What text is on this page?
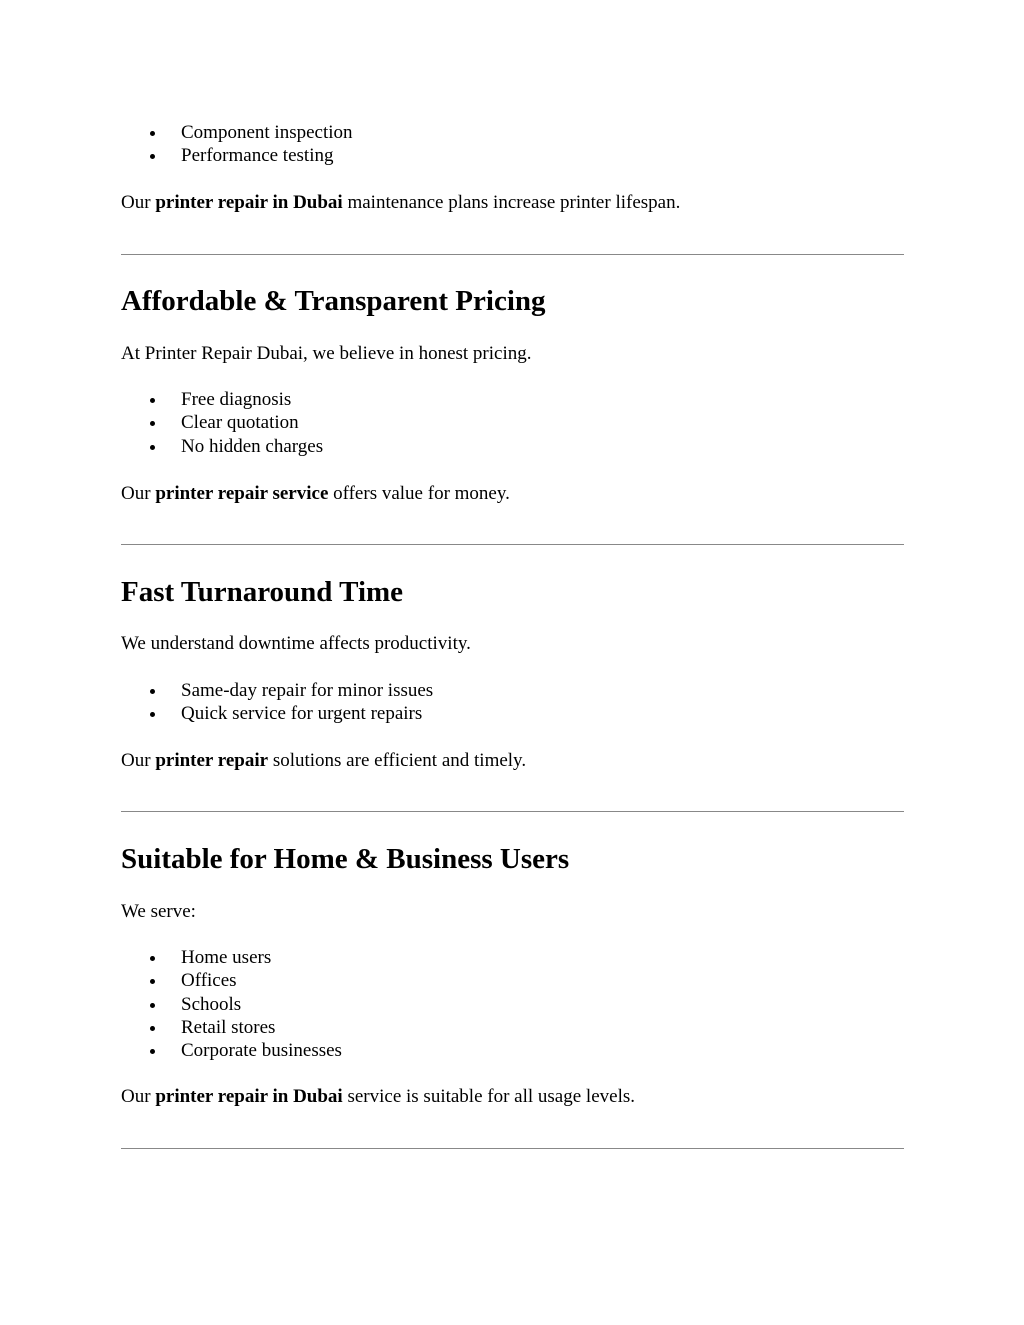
Component inspection
Performance testing

Our printer repair in Dubai maintenance plans increase printer lifespan.

Affordable & Transparent Pricing

At Printer Repair Dubai, we believe in honest pricing.

Free diagnosis
Clear quotation
No hidden charges

Our printer repair service offers value for money.

Fast Turnaround Time

We understand downtime affects productivity.

Same-day repair for minor issues
Quick service for urgent repairs

Our printer repair solutions are efficient and timely.

Suitable for Home & Business Users

We serve:

Home users
Offices
Schools
Retail stores
Corporate businesses

Our printer repair in Dubai service is suitable for all usage levels.
